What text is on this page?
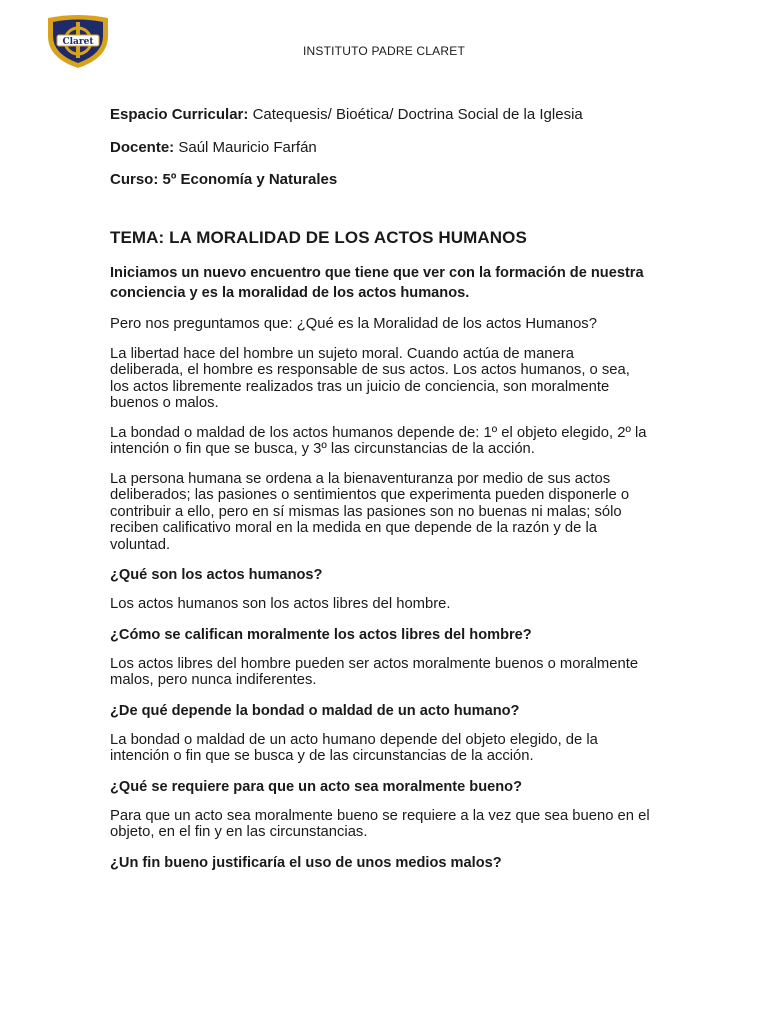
Claret
INSTITUTO PADRE CLARET

Espacio Curricular: Catequesis/ Bioética/ Doctrina Social de la Iglesia

Docente: Saúl Mauricio Farfán

Curso: 5º Economía y Naturales

TEMA: LA MORALIDAD DE LOS ACTOS HUMANOS

Iniciamos un nuevo encuentro que tiene que ver con la formación de nuestra conciencia y es la moralidad de los actos humanos.

Pero nos preguntamos que: ¿Qué es la Moralidad de los actos Humanos?

La libertad hace del hombre un sujeto moral. Cuando actúa de manera deliberada, el hombre es responsable de sus actos. Los actos humanos, o sea, los actos libremente realizados tras un juicio de conciencia, son moralmente buenos o malos.

La bondad o maldad de los actos humanos depende de: 1º el objeto elegido, 2º la intención o fin que se busca, y 3º las circunstancias de la acción.

La persona humana se ordena a la bienaventuranza por medio de sus actos deliberados; las pasiones o sentimientos que experimenta pueden disponerle o contribuir a ello, pero en sí mismas las pasiones son no buenas ni malas; sólo reciben calificativo moral en la medida en que depende de la razón y de la voluntad.

¿Qué son los actos humanos?

Los actos humanos son los actos libres del hombre.

¿Cómo se califican moralmente los actos libres del hombre?

Los actos libres del hombre pueden ser actos moralmente buenos o moralmente malos, pero nunca indiferentes.

¿De qué depende la bondad o maldad de un acto humano?

La bondad o maldad de un acto humano depende del objeto elegido, de la intención o fin que se busca y de las circunstancias de la acción.

¿Qué se requiere para que un acto sea moralmente bueno?

Para que un acto sea moralmente bueno se requiere a la vez que sea bueno en el objeto, en el fin y en las circunstancias.

¿Un fin bueno justificaría el uso de unos medios malos?
